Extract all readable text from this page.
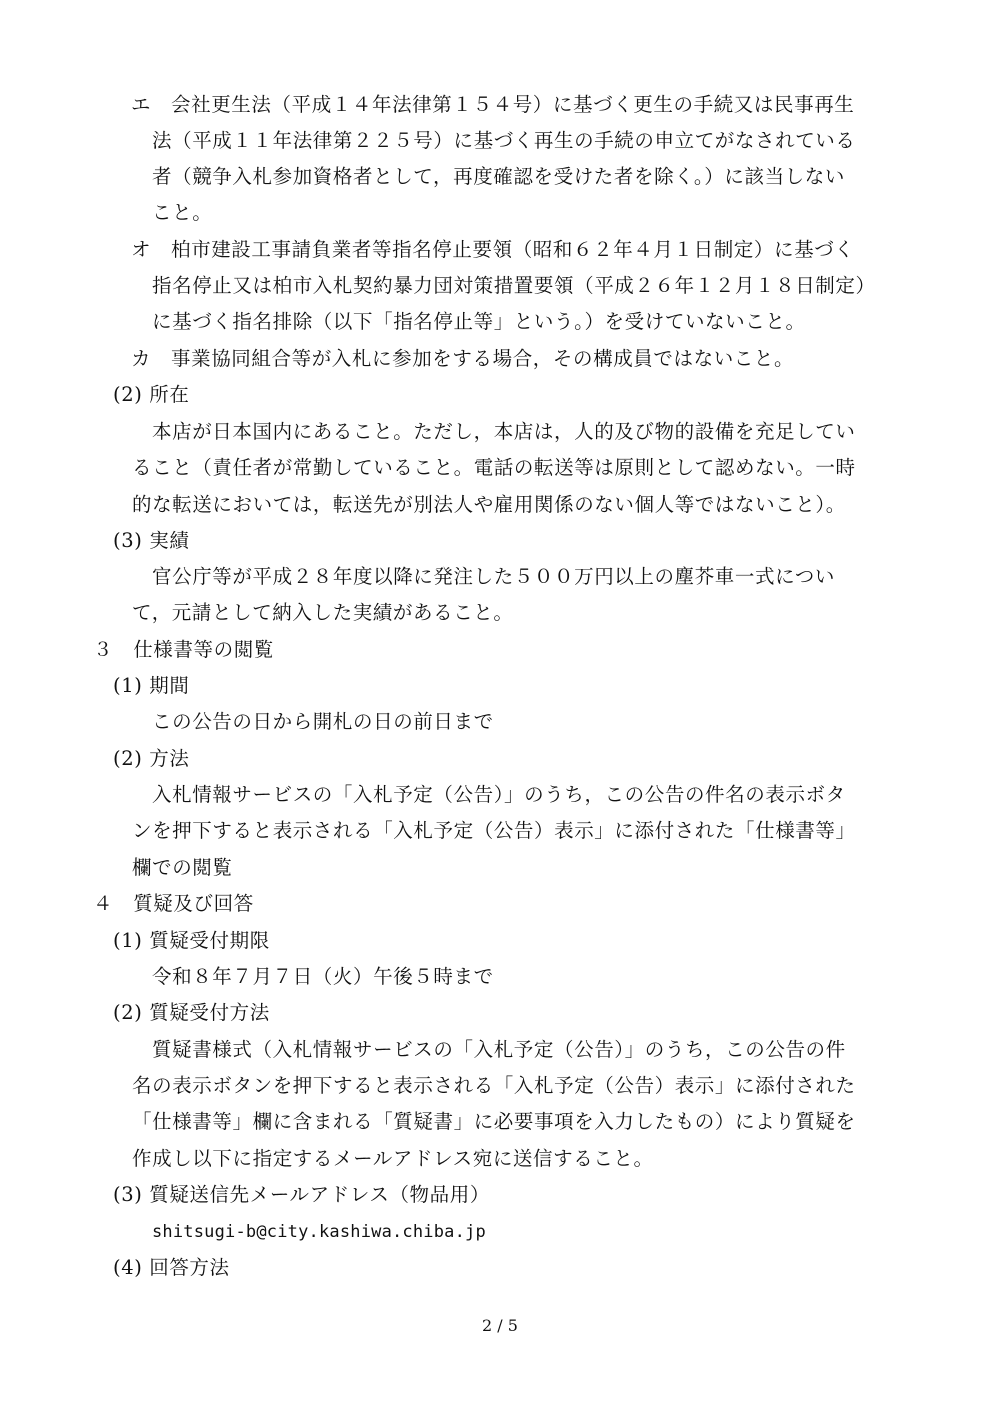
エ 会社更生法（平成１４年法律第１５４号）に基づく更生の手続又は民事再生
法（平成１１年法律第２２５号）に基づく再生の手続の申立てがなされている
者（競争入札参加資格者として，再度確認を受けた者を除く。）に該当しない
こと。
オ 柏市建設工事請負業者等指名停止要領（昭和６２年４月１日制定）に基づく
指名停止又は柏市入札契約暴力団対策措置要領（平成２６年１２月１８日制定）
に基づく指名排除（以下「指名停止等」という。）を受けていないこと。
カ 事業協同組合等が入札に参加をする場合，その構成員ではないこと。
(2) 所在
本店が日本国内にあること。ただし，本店は，人的及び物的設備を充足してい
ること（責任者が常勤していること。電話の転送等は原則として認めない。一時
的な転送においては，転送先が別法人や雇用関係のない個人等ではないこと）。
(3) 実績
官公庁等が平成２８年度以降に発注した５００万円以上の塵芥車一式につい
て，元請として納入した実績があること。
３　仕様書等の閲覧
(1) 期間
この公告の日から開札の日の前日まで
(2) 方法
入札情報サービスの「入札予定（公告）」のうち，この公告の件名の表示ボタ
ンを押下すると表示される「入札予定（公告）表示」に添付された「仕様書等」
欄での閲覧
４　質疑及び回答
(1) 質疑受付期限
令和８年７月７日（火）午後５時まで
(2) 質疑受付方法
質疑書様式（入札情報サービスの「入札予定（公告）」のうち，この公告の件
名の表示ボタンを押下すると表示される「入札予定（公告）表示」に添付された
「仕様書等」欄に含まれる「質疑書」に必要事項を入力したもの）により質疑を
作成し以下に指定するメールアドレス宛に送信すること。
(3) 質疑送信先メールアドレス（物品用）
shitsugi-b@city.kashiwa.chiba.jp
(4) 回答方法
2 / 5
